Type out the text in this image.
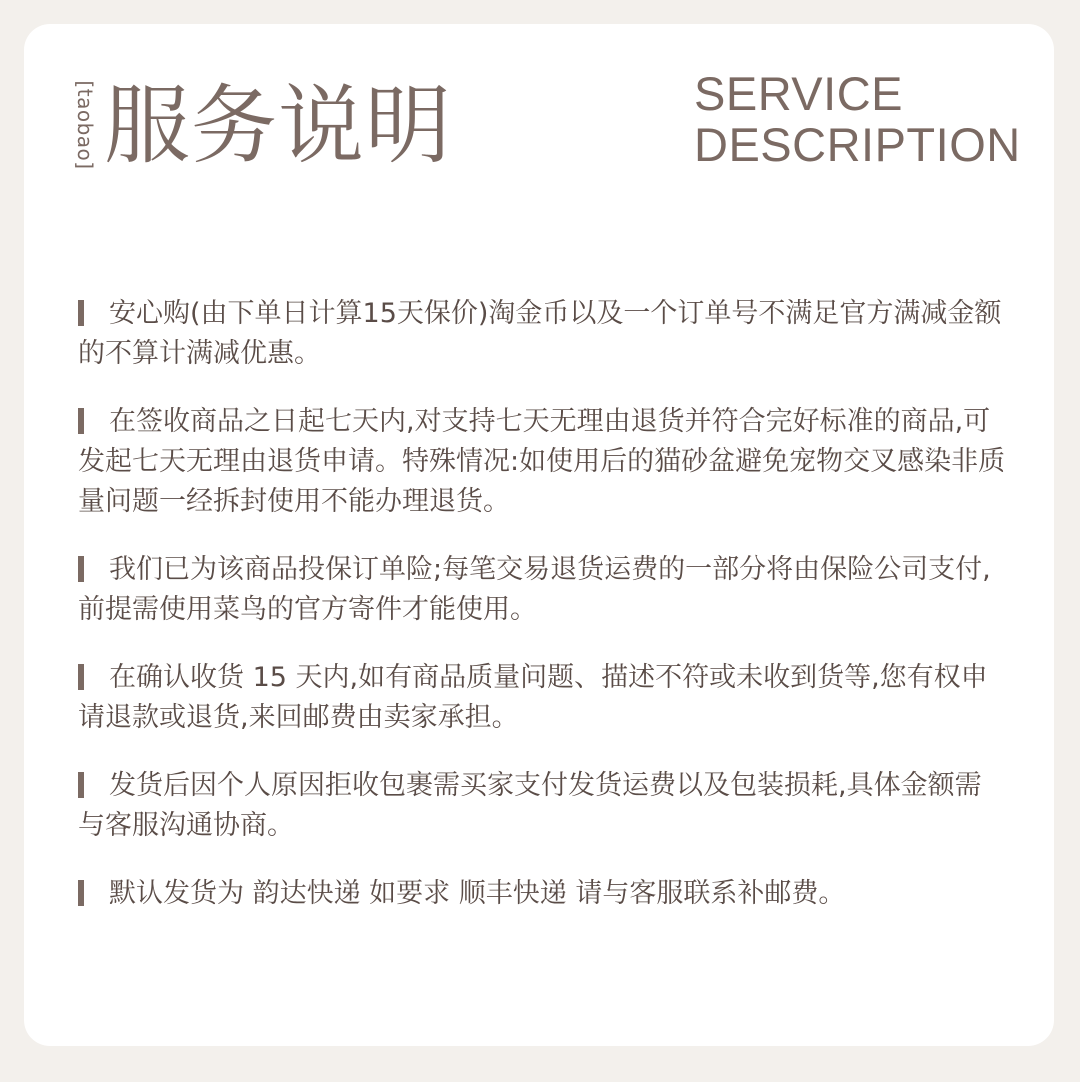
[taobao] 服务说明	SERVICE
DESCRIPTION
安心购(由下单日计算15天保价)淘金币以及一个订单号不满足官方满减金额的不算计满减优惠。
在签收商品之日起七天内,对支持七天无理由退货并符合完好标准的商品,可发起七天无理由退货申请。特殊情况:如使用后的猫砂盆避免宠物交叉感染非质量问题一经拆封使用不能办理退货。
我们已为该商品投保订单险;每笔交易退货运费的一部分将由保险公司支付,前提需使用菜鸟的官方寄件才能使用。
在确认收货 15 天内,如有商品质量问题、描述不符或未收到货等,您有权申请退款或退货,来回邮费由卖家承担。
发货后因个人原因拒收包裹需买家支付发货运费以及包装损耗,具体金额需与客服沟通协商。
默认发货为 韵达快递 如要求 顺丰快递 请与客服联系补邮费。
